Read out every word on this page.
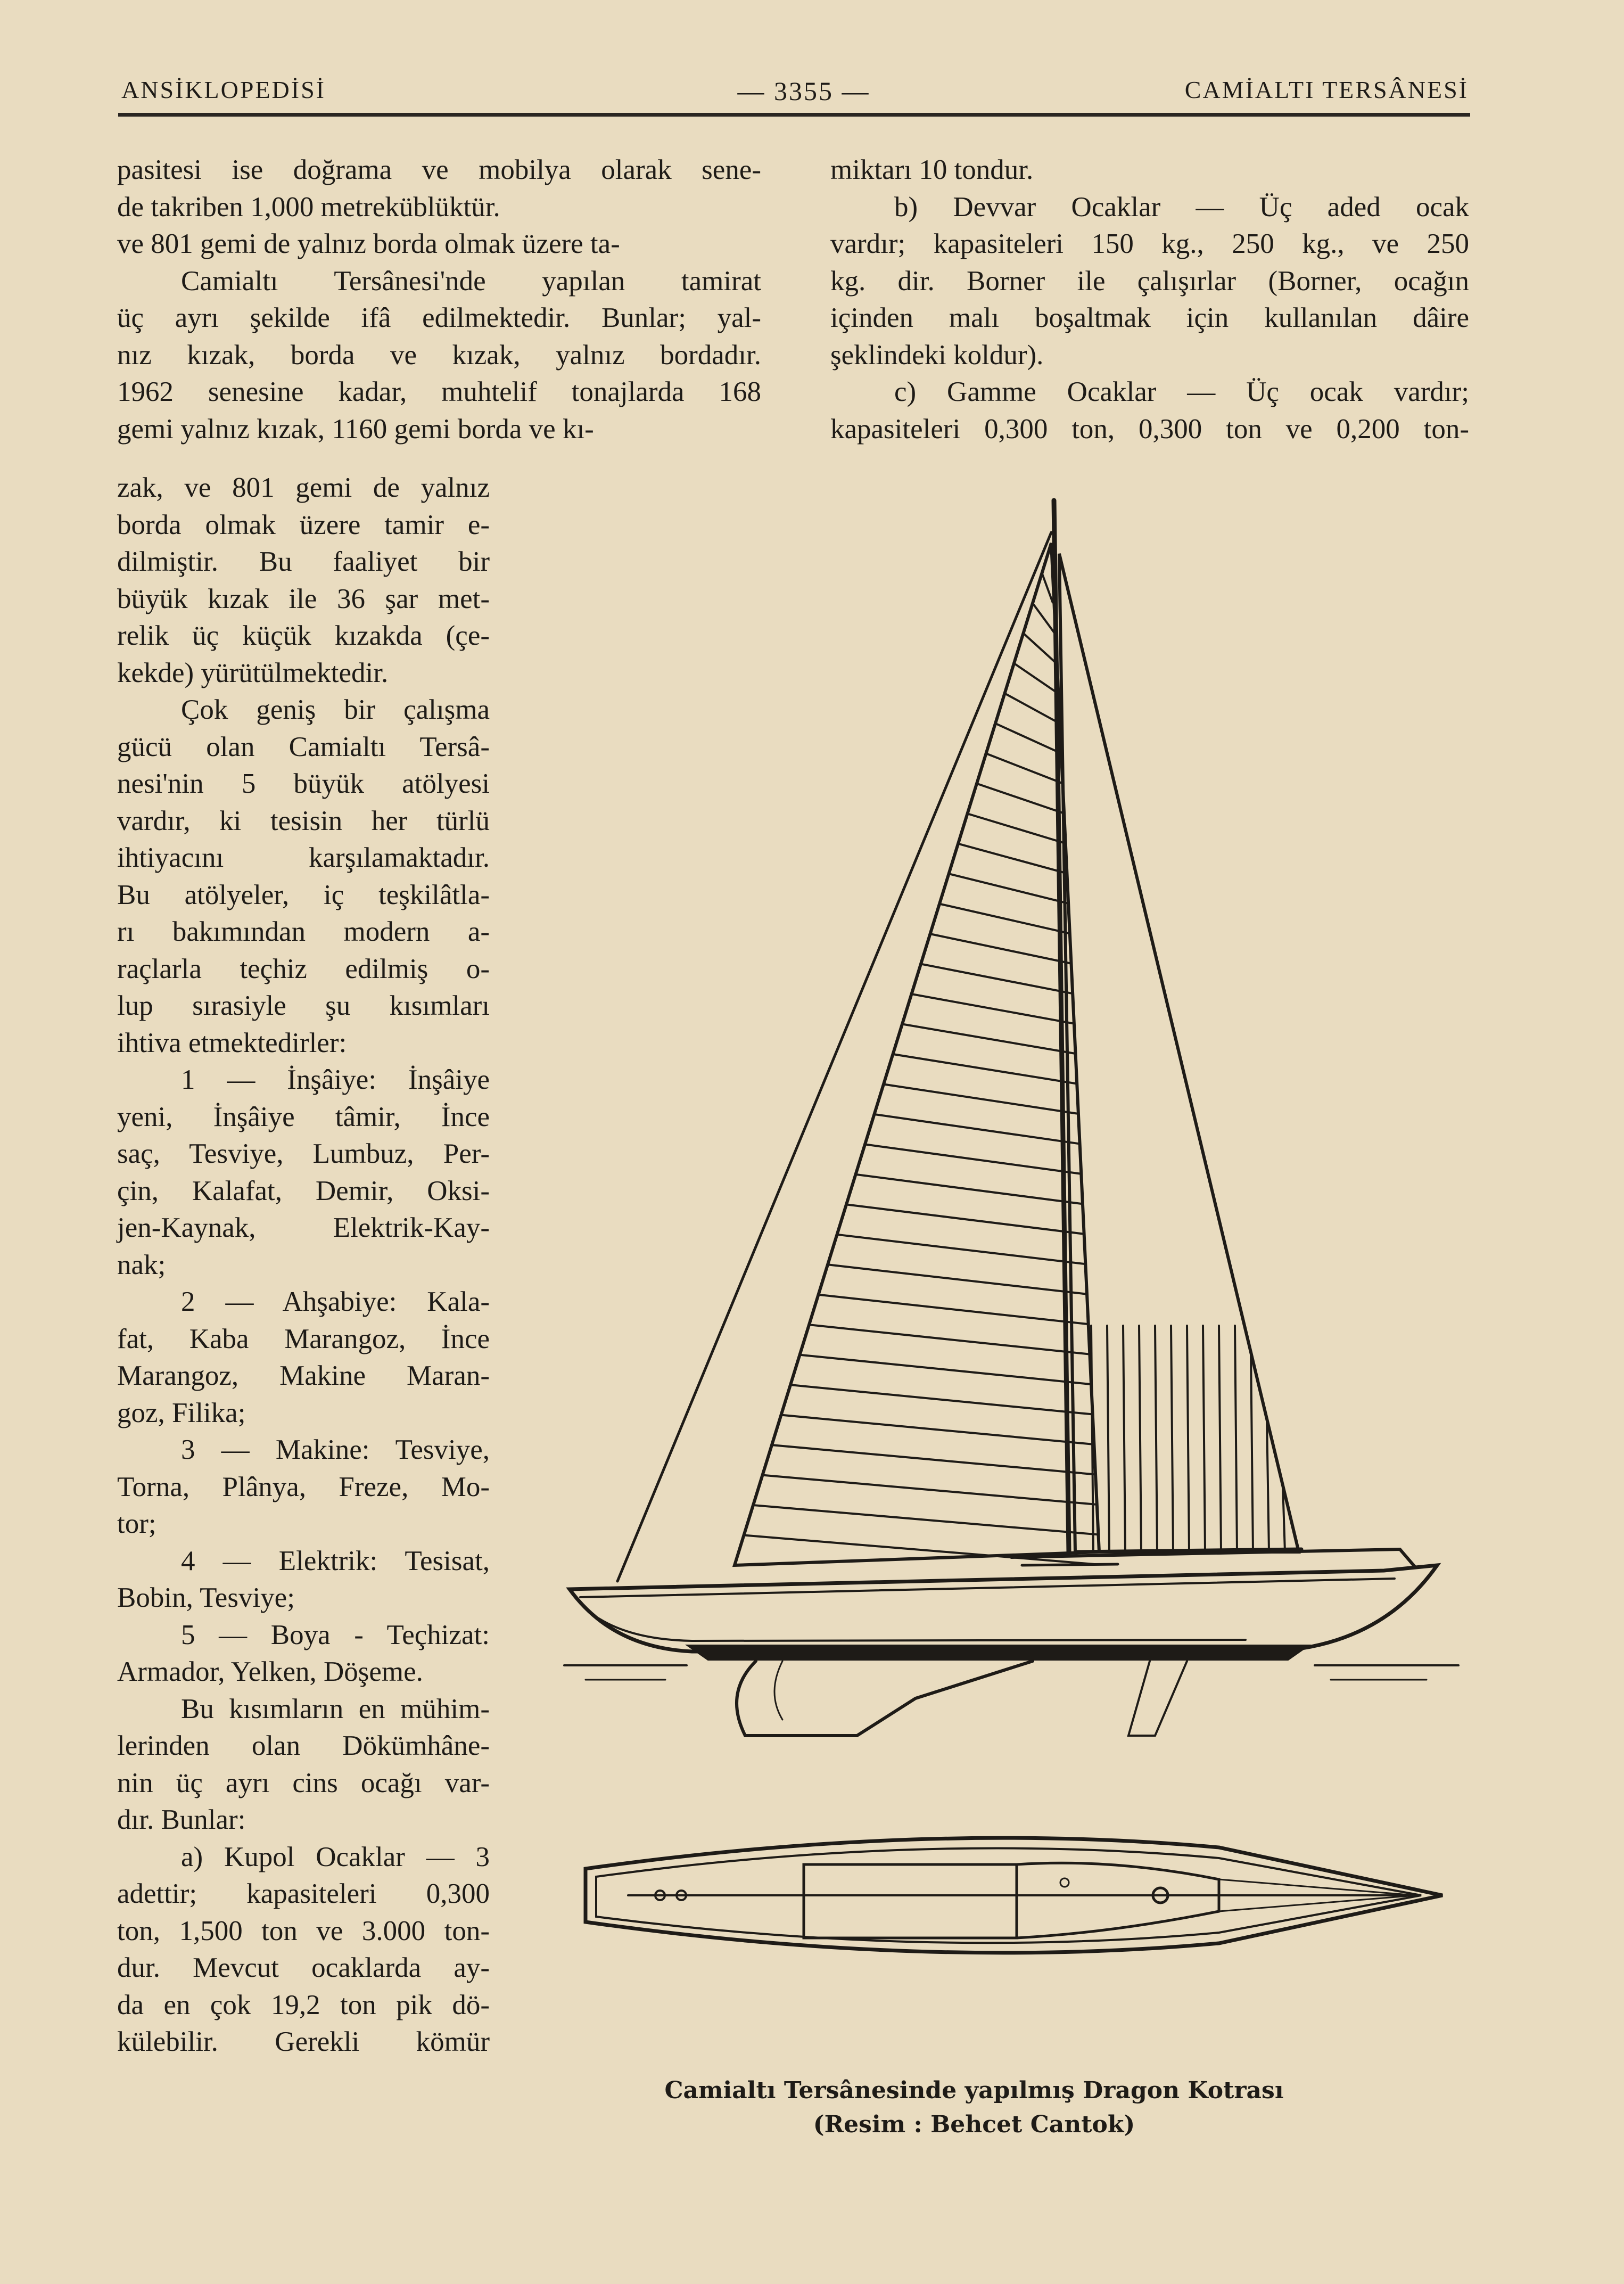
ANSİKLOPEDİSİ	— 3355 —	CAMİALTI TERSÂNESİ

pasitesi ise doğrama ve mobilya olarak sene-

de takriben 1,000 metreküblüktür.

ve 801 gemi de yalnız borda olmak üzere ta-

Camialtı Tersânesi'nde yapılan tamirat

üç ayrı şekilde ifâ edilmektedir. Bunlar; yal-

nız kızak, borda ve kızak, yalnız bordadır.

1962 senesine kadar, muhtelif tonajlarda 168

gemi yalnız kızak, 1160 gemi borda ve kı-

zak, ve 801 gemi de yalnız

borda olmak üzere tamir e-

dilmiştir. Bu faaliyet bir

büyük kızak ile 36 şar met-

relik üç küçük kızakda (çe-

kekde) yürütülmektedir.

Çok geniş bir çalışma

gücü olan Camialtı Tersâ-

nesi'nin 5 büyük atölyesi

vardır, ki tesisin her türlü

ihtiyacını karşılamaktadır.

Bu atölyeler, iç teşkilâtla-

rı bakımından modern a-

raçlarla teçhiz edilmiş o-

lup sırasiyle şu kısımları

ihtiva etmektedirler:

1 — İnşâiye: İnşâiye

yeni, İnşâiye tâmir, İnce

saç, Tesviye, Lumbuz, Per-

çin, Kalafat, Demir, Oksi-

jen-Kaynak, Elektrik-Kay-

nak;

2 — Ahşabiye: Kala-

fat, Kaba Marangoz, İnce

Marangoz, Makine Maran-

goz, Filika;

3 — Makine: Tesviye,

Torna, Plânya, Freze, Mo-

tor;

4 — Elektrik: Tesisat,

Bobin, Tesviye;

5 — Boya - Teçhizat:

Armador, Yelken, Döşeme.

Bu kısımların en mühim-

lerinden olan Dökümhâne-

nin üç ayrı cins ocağı var-

dır. Bunlar:

a) Kupol Ocaklar — 3

adettir; kapasiteleri 0,300

ton, 1,500 ton ve 3.000 ton-

dur. Mevcut ocaklarda ay-

da en çok 19,2 ton pik dö-

külebilir. Gerekli kömür

miktarı 10 tondur.

b) Devvar Ocaklar — Üç aded ocak

vardır; kapasiteleri 150 kg., 250 kg., ve 250

kg. dir. Borner ile çalışırlar (Borner, ocağın

içinden malı boşaltmak için kullanılan dâire

şeklindeki koldur).

c) Gamme Ocaklar — Üç ocak vardır;

kapasiteleri 0,300 ton, 0,300 ton ve 0,200 ton-

Camialtı Tersânesinde yapılmış Dragon Kotrası
(Resim : Behcet Cantok)
